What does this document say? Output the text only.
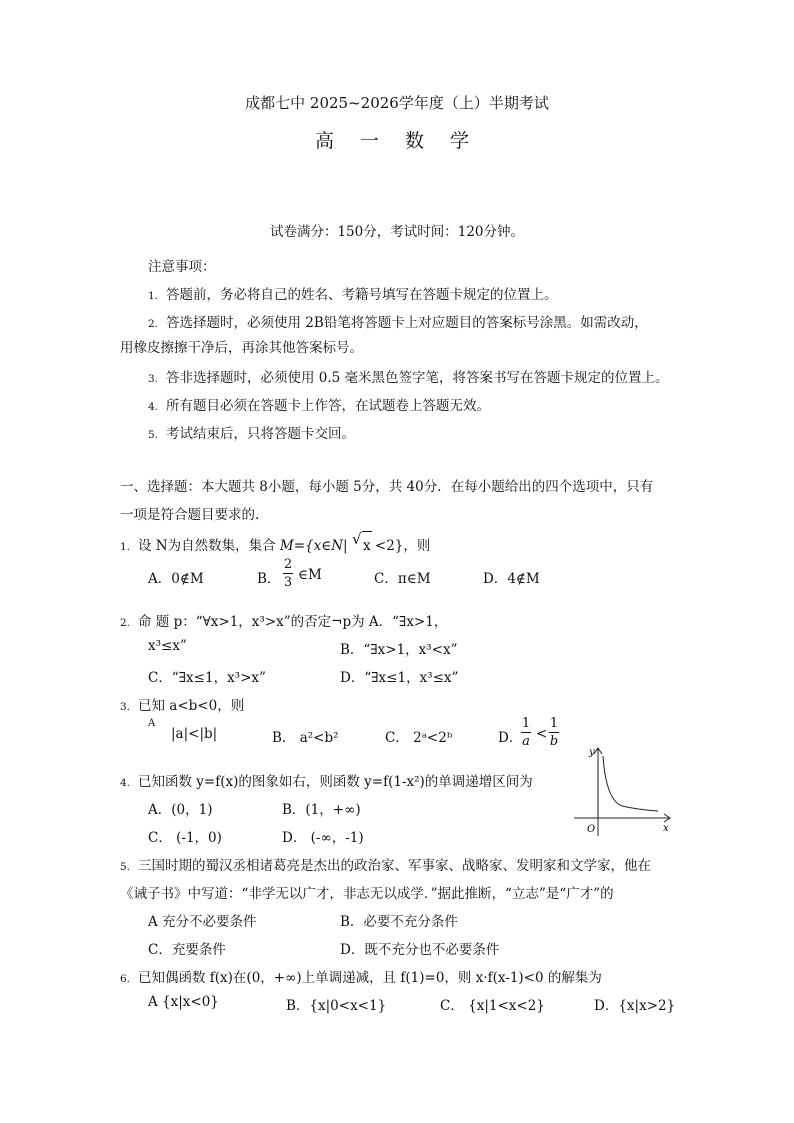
成都七中 2025~2026学年度（上）半期考试
高 一 数 学
试卷满分：150分，考试时间：120分钟。
注意事项：
1. 答题前，务必将自己的姓名、考籍号填写在答题卡规定的位置上。
2. 答选择题时，必须使用 2B铅笔将答题卡上对应题目的答案标号涂黑。如需改动，
用橡皮擦擦干净后，再涂其他答案标号。
3. 答非选择题时，必须使用 0.5 毫米黑色签字笔，将答案书写在答题卡规定的位置上。
4. 所有题目必须在答题卡上作答，在试题卷上答题无效。
5. 考试结束后，只将答题卡交回。
一、选择题：本大题共 8小题，每小题 5分，共 40分．在每小题给出的四个选项中，只有
一项是符合题目要求的.
1. 设 N为自然数集，集合 M={x∈N| √ x <2}，则
A．0∉M	B．
2
3 ∈M	C．π∈M	D．4∉M
2. 命 题 p：“∀x>1，x³>x”的否定¬p为 A．“∃x>1，
x³≤x”	B．“∃x>1，x³<x”
C．“∃x≤1，x³>x”	D．“∃x≤1，x³≤x”
3. 已知 a<b<0，则
A
|a|<|b|	B． a²<b²	C． 2ᵃ<2ᵇ	D．
1
a <
1
b
4. 已知函数 y=f(x)的图象如右，则函数 y=f(1-x²)的单调递增区间为
A．(0，1)	B．(1，+∞)
C． (-1，0)	D． (-∞，-1)
y
x
O
5. 三国时期的蜀汉丞相诸葛亮是杰出的政治家、军事家、战略家、发明家和文学家，他在
《诫子书》中写道：“非学无以广才，非志无以成学．”据此推断，“立志”是“广才”的
A 充分不必要条件	B．必要不充分条件
C．充要条件	D．既不充分也不必要条件
6. 已知偶函数 f(x)在(0，+∞)上单调递减，且 f(1)=0，则 x·f(x-1)<0 的解集为
A {x|x<0}	B．{x|0<x<1}	C． {x|1<x<2}	D．{x|x>2}
